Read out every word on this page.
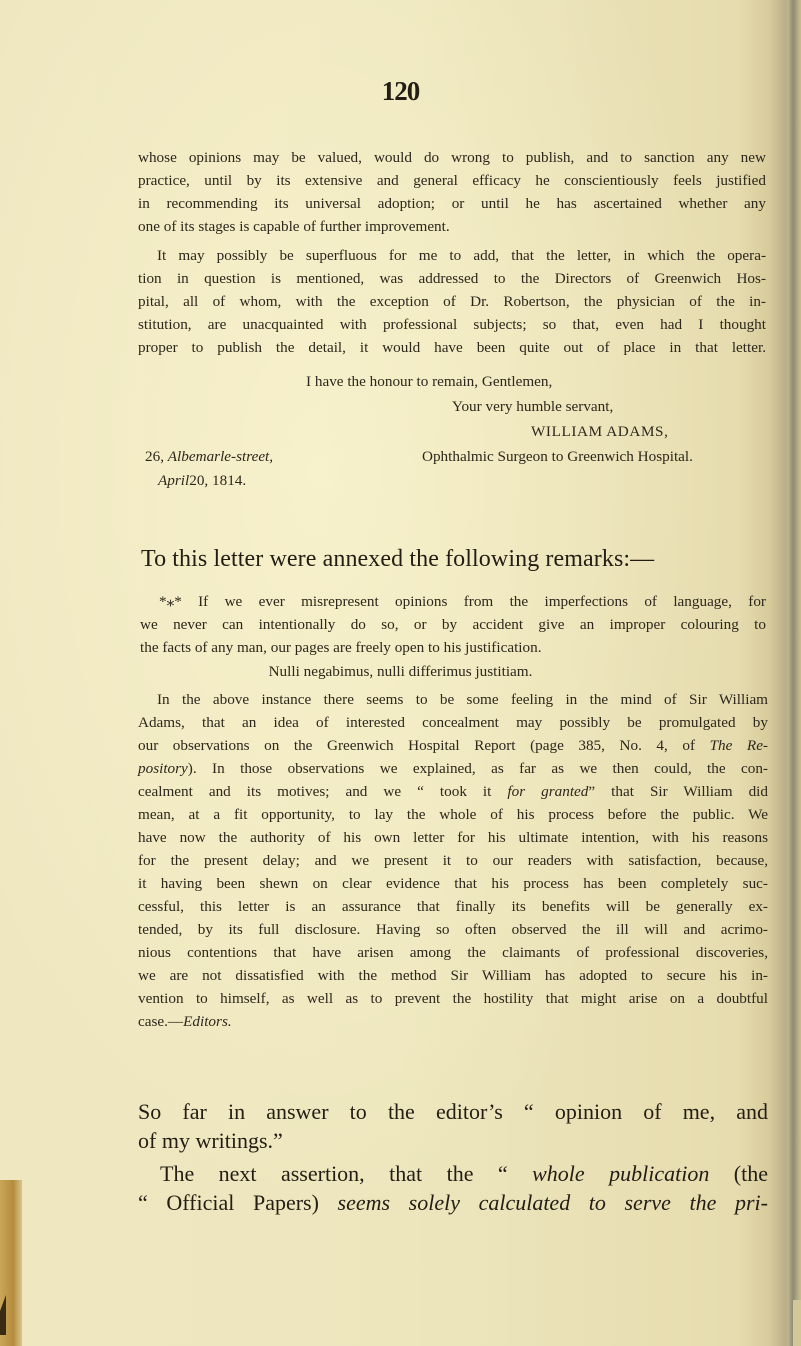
120
whose opinions may be valued, would do wrong to publish, and to sanction any new
practice, until by its extensive and general efficacy he conscientiously feels justified
in recommending its universal adoption; or until he has ascertained whether any
one of its stages is capable of further improvement.
It may possibly be superfluous for me to add, that the letter, in which the opera-
tion in question is mentioned, was addressed to the Directors of Greenwich Hos-
pital, all of whom, with the exception of Dr. Robertson, the physician of the in-
stitution, are unacquainted with professional subjects; so that, even had I thought
proper to publish the detail, it would have been quite out of place in that letter.
I have the honour to remain, Gentlemen,
Your very humble servant,
WILLIAM ADAMS,
Ophthalmic Surgeon to Greenwich Hospital.
26, Albemarle-street,
April20, 1814.
To this letter were annexed the following remarks:—
*⁎* If we ever misrepresent opinions from the imperfections of language, for
we never can intentionally do so, or by accident give an improper colouring to
the facts of any man, our pages are freely open to his justification.
Nulli negabimus, nulli differimus justitiam.
In the above instance there seems to be some feeling in the mind of Sir William
Adams, that an idea of interested concealment may possibly be promulgated by
our observations on the Greenwich Hospital Report (page 385, No. 4, of The Re-
pository). In those observations we explained, as far as we then could, the con-
cealment and its motives; and we “ took it for granted” that Sir William did
mean, at a fit opportunity, to lay the whole of his process before the public. We
have now the authority of his own letter for his ultimate intention, with his reasons
for the present delay; and we present it to our readers with satisfaction, because,
it having been shewn on clear evidence that his process has been completely suc-
cessful, this letter is an assurance that finally its benefits will be generally ex-
tended, by its full disclosure. Having so often observed the ill will and acrimo-
nious contentions that have arisen among the claimants of professional discoveries,
we are not dissatisfied with the method Sir William has adopted to secure his in-
vention to himself, as well as to prevent the hostility that might arise on a doubtful
case.—Editors.
So far in answer to the editor’s “ opinion of me, and
of my writings.”
The next assertion, that the “ whole publication (the
“ Official Papers) seems solely calculated to serve the pri-
